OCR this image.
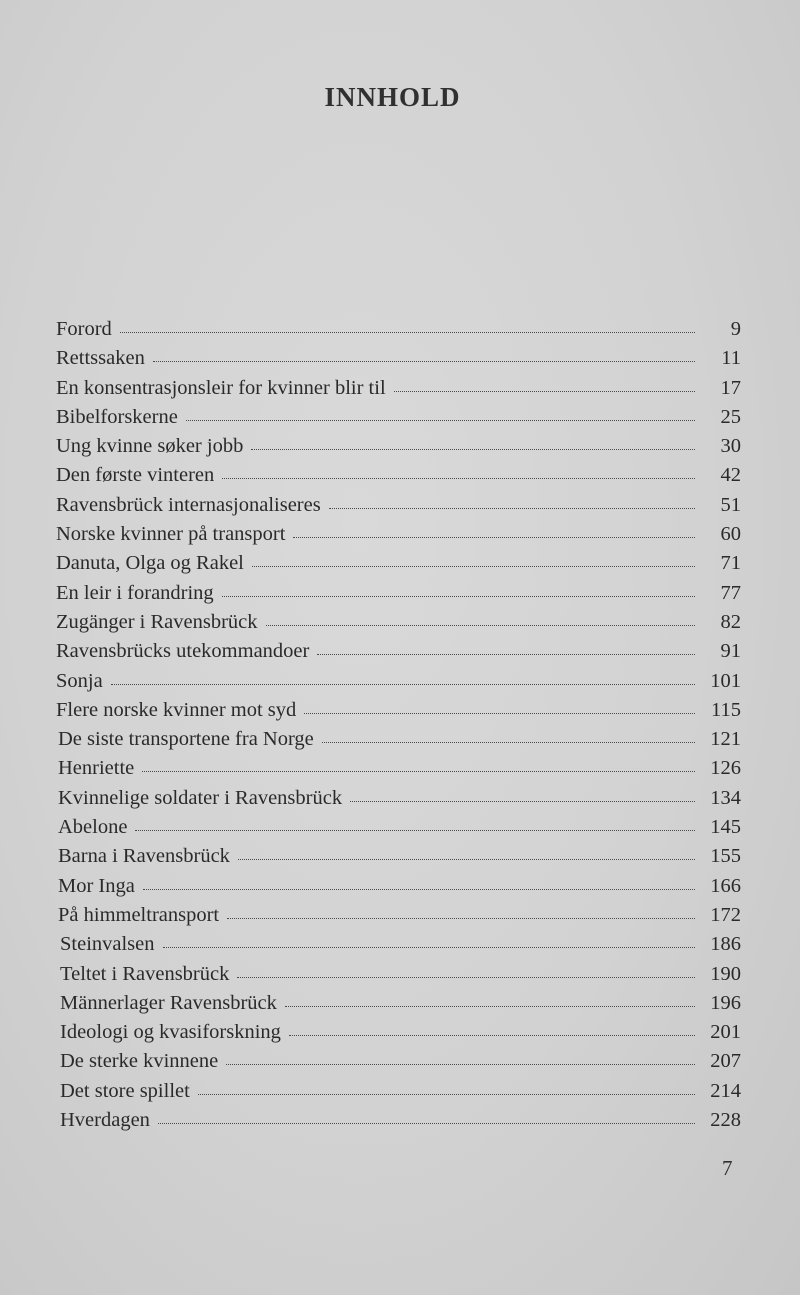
INNHOLD
Forord	9
Rettssaken	11
En konsentrasjonsleir for kvinner blir til	17
Bibelforskerne	25
Ung kvinne søker jobb	30
Den første vinteren	42
Ravensbrück internasjonaliseres	51
Norske kvinner på transport	60
Danuta, Olga og Rakel	71
En leir i forandring	77
Zugänger i Ravensbrück	82
Ravensbrücks utekommandoer	91
Sonja	101
Flere norske kvinner mot syd	115
De siste transportene fra Norge	121
Henriette	126
Kvinnelige soldater i Ravensbrück	134
Abelone	145
Barna i Ravensbrück	155
Mor Inga	166
På himmeltransport	172
Steinvalsen	186
Teltet i Ravensbrück	190
Männerlager Ravensbrück	196
Ideologi og kvasiforskning	201
De sterke kvinnene	207
Det store spillet	214
Hverdagen	228
7
